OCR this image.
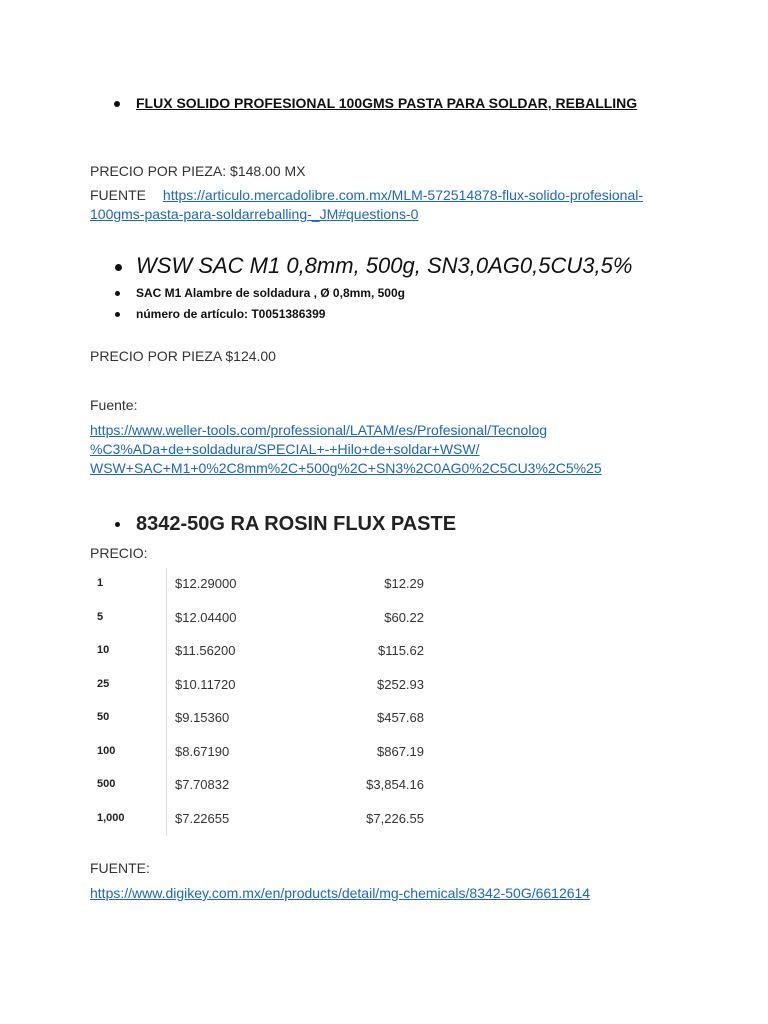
FLUX SOLIDO PROFESIONAL 100GMS PASTA PARA SOLDAR, REBALLING
PRECIO POR PIEZA: $148.00 MX
FUENTE https://articulo.mercadolibre.com.mx/MLM-572514878-flux-solido-profesional-
100gms-pasta-para-soldarreballing-_JM#questions-0
WSW SAC M1 0,8mm, 500g, SN3,0AG0,5CU3,5%
SAC M1 Alambre de soldadura , Ø 0,8mm, 500g
número de artículo: T0051386399
PRECIO POR PIEZA $124.00
Fuente:
https://www.weller-tools.com/professional/LATAM/es/Profesional/Tecnolog
%C3%ADa+de+soldadura/SPECIAL+-+Hilo+de+soldar+WSW/
WSW+SAC+M1+0%2C8mm%2C+500g%2C+SN3%2C0AG0%2C5CU3%2C5%25
8342-50G RA ROSIN FLUX PASTE
PRECIO:
1	$12.29000	$12.29
5	$12.04400	$60.22
10	$11.56200	$115.62
25	$10.11720	$252.93
50	$9.15360	$457.68
100	$8.67190	$867.19
500	$7.70832	$3,854.16
1,000	$7.22655	$7,226.55
FUENTE:
https://www.digikey.com.mx/en/products/detail/mg-chemicals/8342-50G/6612614
